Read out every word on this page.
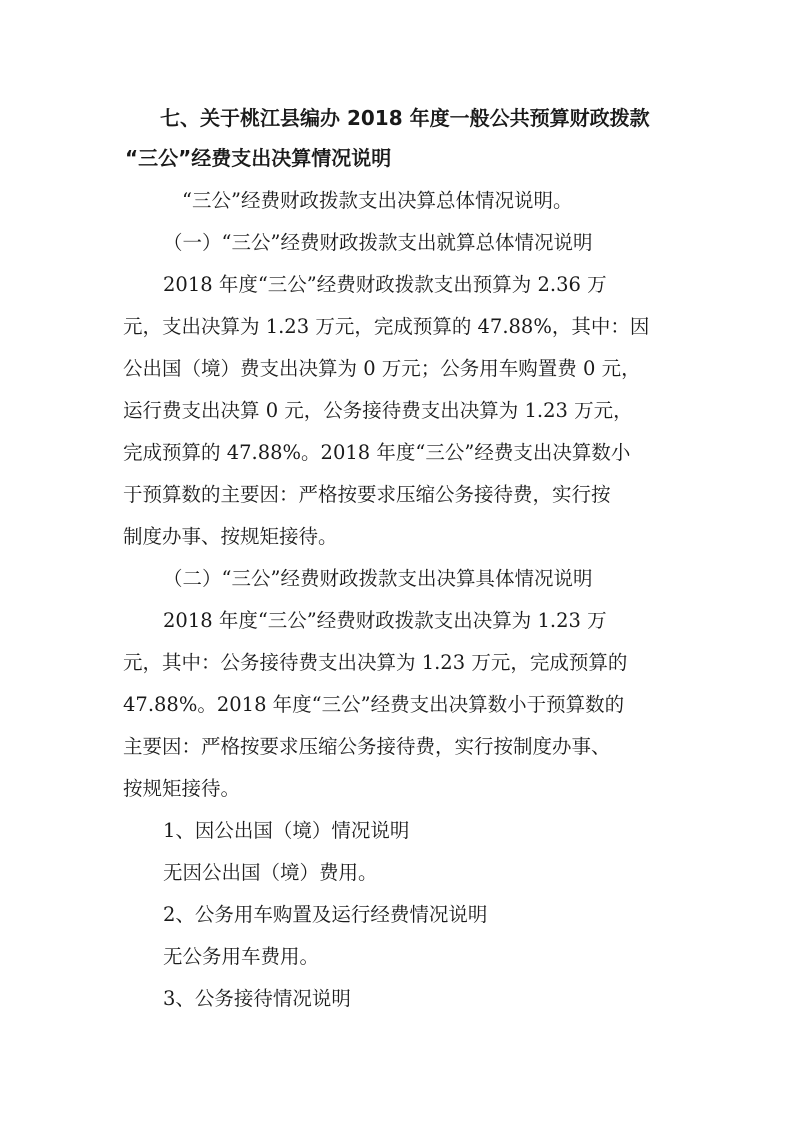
七、关于桃江县编办 2018 年度一般公共预算财政拨款
“三公”经费支出决算情况说明

“三公”经费财政拨款支出决算总体情况说明。

（一）“三公”经费财政拨款支出就算总体情况说明

2018 年度“三公”经费财政拨款支出预算为 2.36 万

元，支出决算为 1.23 万元，完成预算的 47.88%，其中：因

公出国（境）费支出决算为 0 万元；公务用车购置费 0 元，

运行费支出决算 0 元，公务接待费支出决算为 1.23 万元，

完成预算的 47.88%。2018 年度“三公”经费支出决算数小

于预算数的主要因：严格按要求压缩公务接待费，实行按

制度办事、按规矩接待。

（二）“三公”经费财政拨款支出决算具体情况说明

2018 年度“三公”经费财政拨款支出决算为 1.23 万

元，其中：公务接待费支出决算为 1.23 万元，完成预算的

47.88%。2018 年度“三公”经费支出决算数小于预算数的

主要因：严格按要求压缩公务接待费，实行按制度办事、

按规矩接待。

1、因公出国（境）情况说明

无因公出国（境）费用。

2、公务用车购置及运行经费情况说明

无公务用车费用。

3、公务接待情况说明
